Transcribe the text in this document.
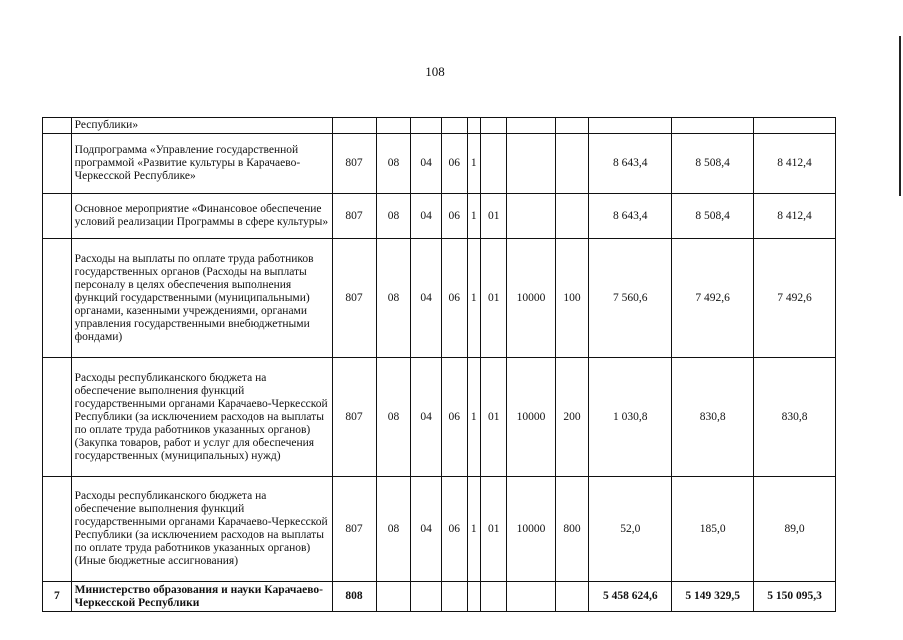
108
	Республики»											
	Подпрограмма «Управление государственной программой «Развитие культуры в Карачаево-Черкесской Республике»	807	08	04	06	1				8 643,4	8 508,4	8 412,4
	Основное мероприятие «Финансовое обеспечение условий реализации Программы в сфере культуры»	807	08	04	06	1	01			8 643,4	8 508,4	8 412,4
	Расходы на выплаты по оплате труда работников государственных органов (Расходы на выплаты персоналу в целях обеспечения выполнения функций государственными (муниципальными) органами, казенными учреждениями, органами управления государственными внебюджетными фондами)	807	08	04	06	1	01	10000	100	7 560,6	7 492,6	7 492,6
	Расходы республиканского бюджета на обеспечение выполнения функций государственными органами Карачаево-Черкесской Республики (за исключением расходов на выплаты по оплате труда работников указанных органов) (Закупка товаров, работ и услуг для обеспечения государственных (муниципальных) нужд)	807	08	04	06	1	01	10000	200	1 030,8	830,8	830,8
	Расходы республиканского бюджета на обеспечение выполнения функций государственными органами Карачаево-Черкесской Республики (за исключением расходов на выплаты по оплате труда работников указанных органов) (Иные бюджетные ассигнования)	807	08	04	06	1	01	10000	800	52,0	185,0	89,0
7	Министерство образования и науки Карачаево-Черкесской Республики	808								5 458 624,6	5 149 329,5	5 150 095,3
